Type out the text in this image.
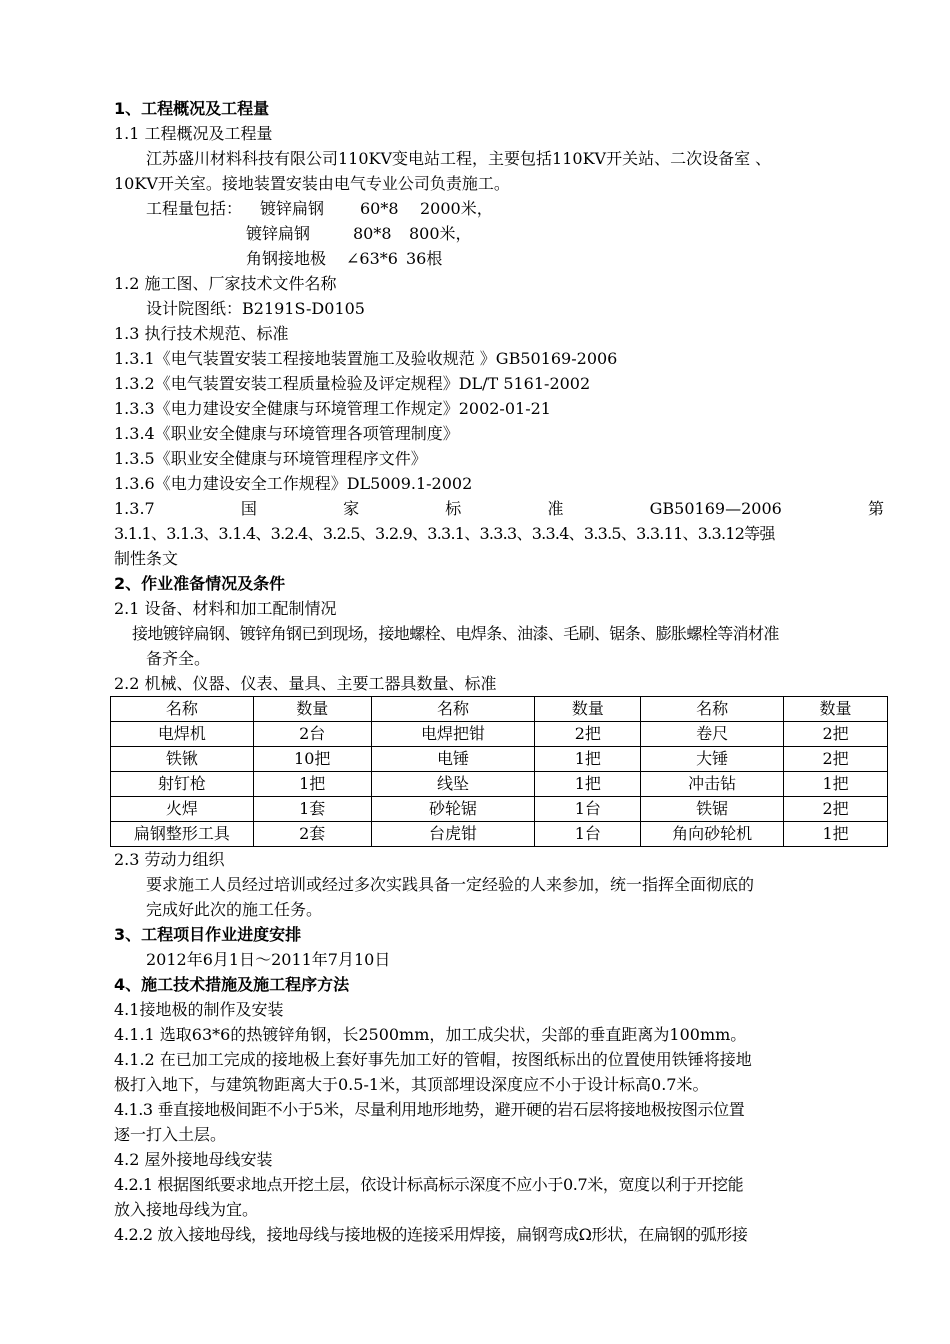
1、工程概况及工程量
1.1 工程概况及工程量
江苏盛川材料科技有限公司110KV变电站工程，主要包括110KV开关站、二次设备室 、
10KV开关室。接地装置安装由电气专业公司负责施工。
工程量包括：	镀锌扁钢	60*8	2000米，
镀锌扁钢	80*8	800米，
角钢接地极	∠63*6 36根
1.2 施工图、厂家技术文件名称
设计院图纸：B2191S-D0105
1.3 执行技术规范、标准
1.3.1《电气装置安装工程接地装置施工及验收规范 》GB50169-2006
1.3.2《电气装置安装工程质量检验及评定规程》DL/T 5161-2002
1.3.3《电力建设安全健康与环境管理工作规定》2002-01-21
1.3.4《职业安全健康与环境管理各项管理制度》
1.3.5《职业安全健康与环境管理程序文件》
1.3.6《电力建设安全工作规程》DL5009.1-2002
1.3.7	国	家	标	准	GB50169—2006	第
3.1.1、3.1.3、3.1.4、3.2.4、3.2.5、3.2.9、3.3.1、3.3.3、3.3.4、3.3.5、3.3.11、3.3.12等强
制性条文
2、作业准备情况及条件
2.1 设备、材料和加工配制情况
接地镀锌扁钢、镀锌角钢已到现场，接地螺栓、电焊条、油漆、毛刷、锯条、膨胀螺栓等消材准
备齐全。
2.2 机械、仪器、仪表、量具、主要工器具数量、标准
名称	数量	名称	数量	名称	数量
电焊机	2台	电焊把钳	2把	卷尺	2把
铁锹	10把	电锤	1把	大锤	2把
射钉枪	1把	线坠	1把	冲击钻	1把
火焊	1套	砂轮锯	1台	铁锯	2把
扁钢整形工具	2套	台虎钳	1台	角向砂轮机	1把
2.3 劳动力组织
要求施工人员经过培训或经过多次实践具备一定经验的人来参加，统一指挥全面彻底的
完成好此次的施工任务。
3、工程项目作业进度安排
2012年6月1日～2011年7月10日
4、施工技术措施及施工程序方法
4.1接地极的制作及安装
4.1.1 选取63*6的热镀锌角钢，长2500mm，加工成尖状，尖部的垂直距离为100mm。
4.1.2 在已加工完成的接地极上套好事先加工好的管帽，按图纸标出的位置使用铁锤将接地
极打入地下，与建筑物距离大于0.5-1米，其顶部埋设深度应不小于设计标高0.7米。
4.1.3 垂直接地极间距不小于5米，尽量利用地形地势，避开硬的岩石层将接地极按图示位置
逐一打入土层。
4.2 屋外接地母线安装
4.2.1 根据图纸要求地点开挖土层，依设计标高标示深度不应小于0.7米，宽度以利于开挖能
放入接地母线为宜。
4.2.2 放入接地母线，接地母线与接地极的连接采用焊接，扁钢弯成Ω形状，在扁钢的弧形接
